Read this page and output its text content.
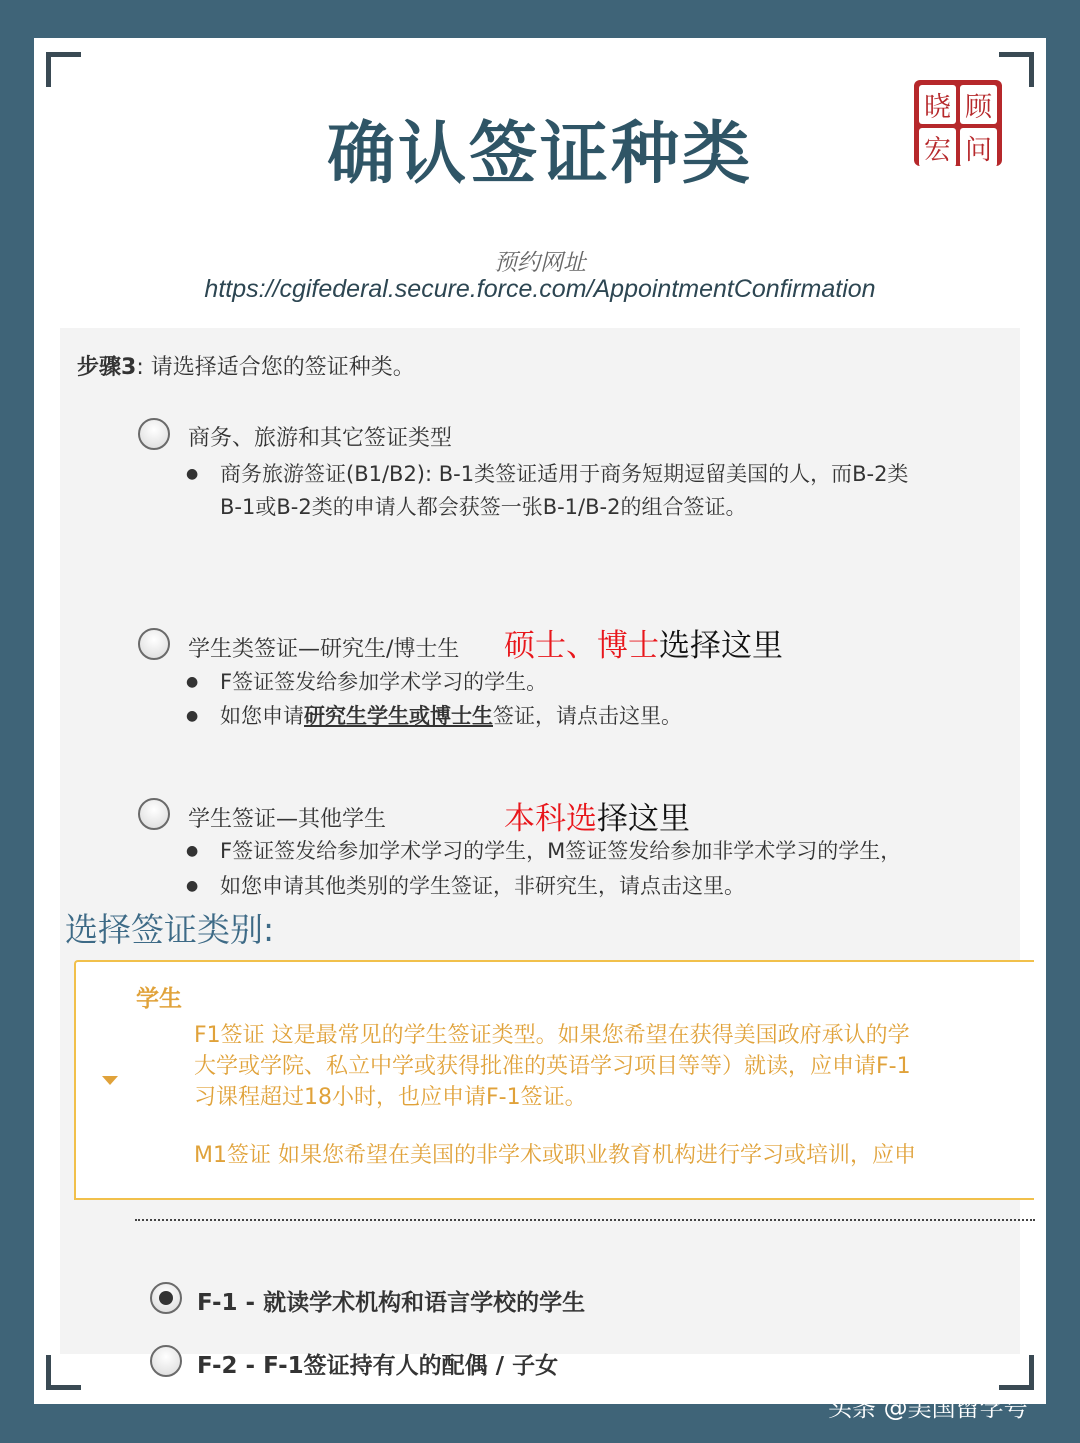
确认签证种类
晓 顾
宏 问
预约网址
https://cgifederal.secure.force.com/AppointmentConfirmation
步骤3: 请选择适合您的签证种类。
商务、旅游和其它签证类型
● 商务旅游签证(B1/B2): B-1类签证适用于商务短期逗留美国的人，而B-2类
B-1或B-2类的申请人都会获签一张B-1/B-2的组合签证。
学生类签证—研究生/博士生 硕士、博士选择这里
● F签证签发给参加学术学习的学生。
● 如您申请研究生学生或博士生签证，请点击这里。
学生签证—其他学生	本科选择这里
● F签证签发给参加学术学习的学生，M签证签发给参加非学术学习的学生，
● 如您申请其他类别的学生签证，非研究生，请点击这里。
选择签证类别:
学生
F1签证 这是最常见的学生签证类型。如果您希望在获得美国政府承认的学
大学或学院、私立中学或获得批准的英语学习项目等等）就读，应申请F-1
习课程超过18小时，也应申请F-1签证。
M1签证 如果您希望在美国的非学术或职业教育机构进行学习或培训，应申
F-1 - 就读学术机构和语言学校的学生
F-2 - F-1签证持有人的配偶 / 子女
头条 @美国留学号
